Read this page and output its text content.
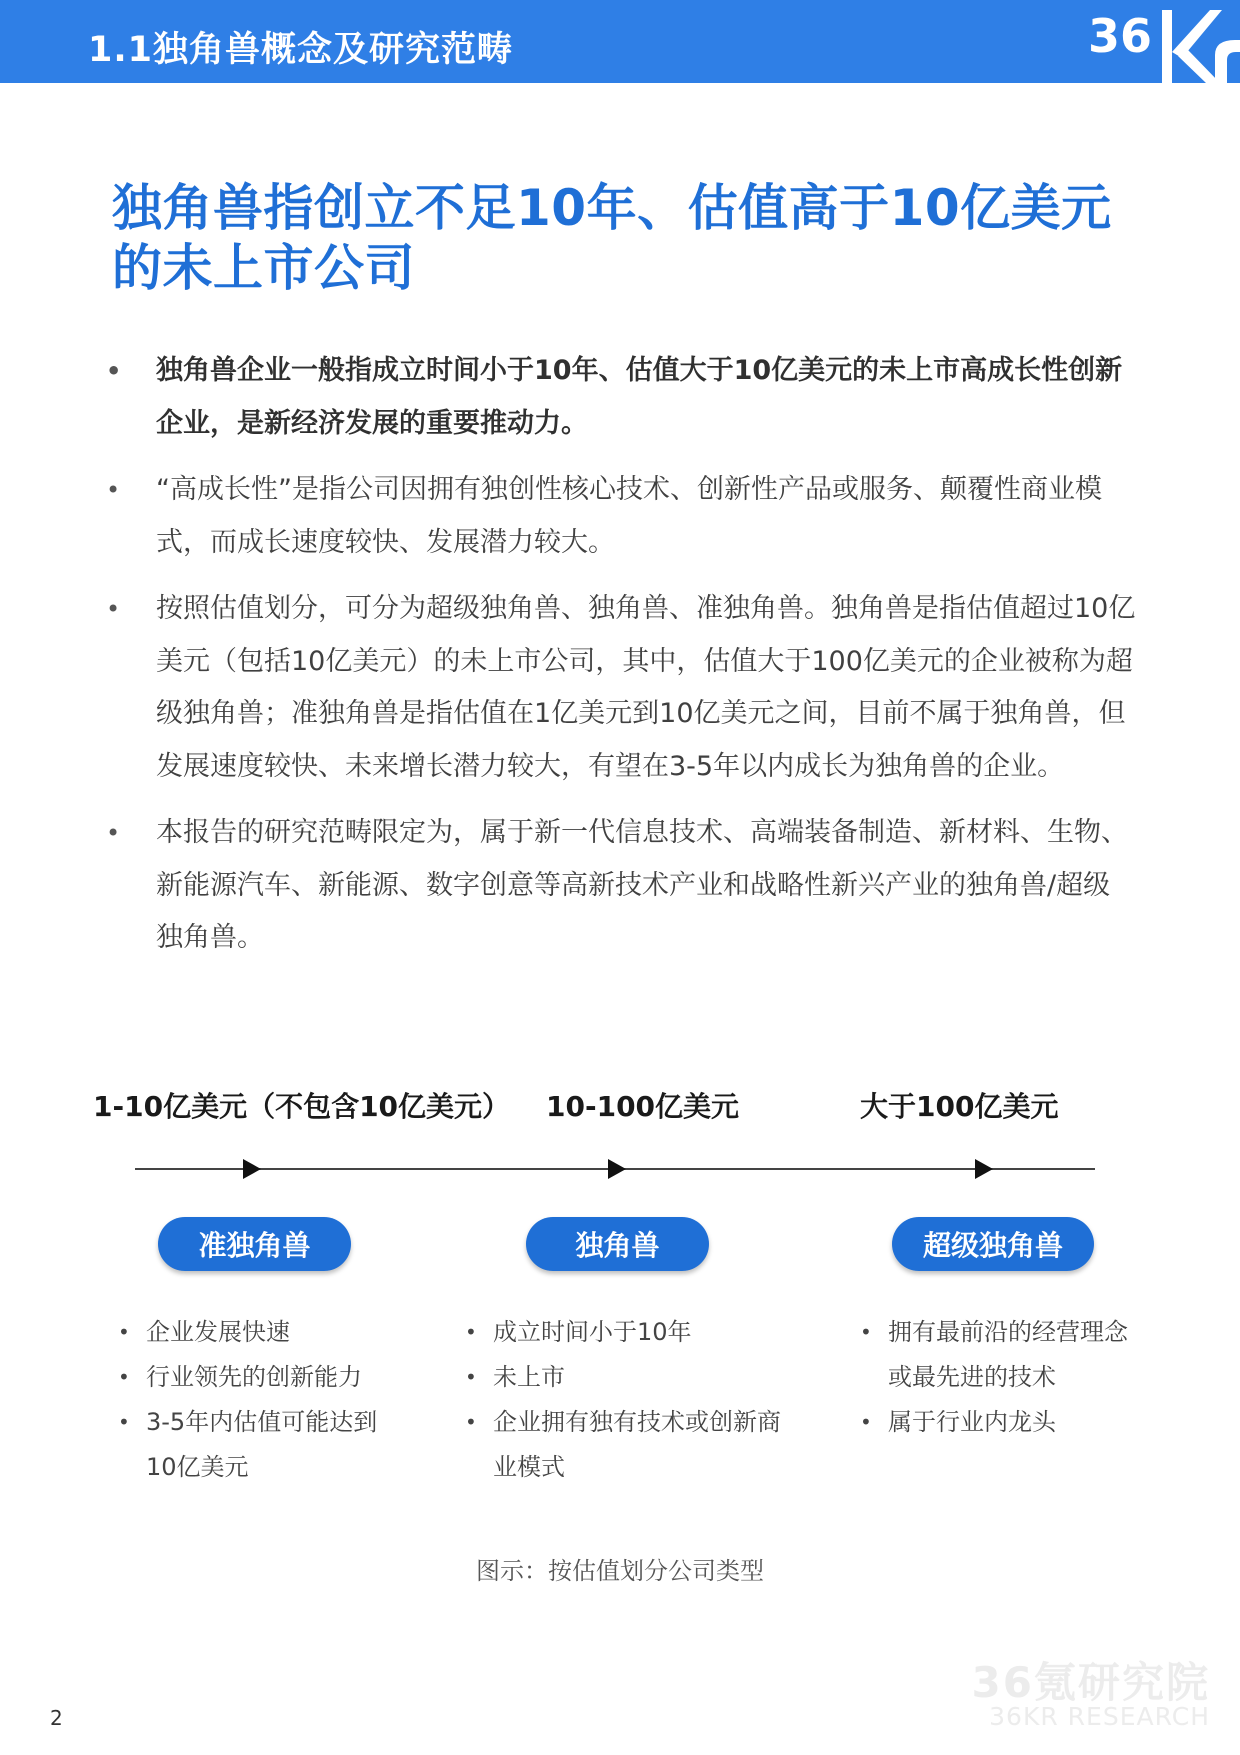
1.1独角兽概念及研究范畴	36
独角兽指创立不足10年、估值高于10亿美元的未上市公司
• 独角兽企业一般指成立时间小于10年、估值大于10亿美元的未上市高成长性创新企业，是新经济发展的重要推动力。
• “高成长性”是指公司因拥有独创性核心技术、创新性产品或服务、颠覆性商业模式，而成长速度较快、发展潜力较大。
• 按照估值划分，可分为超级独角兽、独角兽、准独角兽。独角兽是指估值超过10亿美元（包括10亿美元）的未上市公司，其中，估值大于100亿美元的企业被称为超级独角兽；准独角兽是指估值在1亿美元到10亿美元之间，目前不属于独角兽，但发展速度较快、未来增长潜力较大，有望在3-5年以内成长为独角兽的企业。
• 本报告的研究范畴限定为，属于新一代信息技术、高端装备制造、新材料、生物、新能源汽车、新能源、数字创意等高新技术产业和战略性新兴产业的独角兽/超级独角兽。
1-10亿美元（不包含10亿美元） 10-100亿美元	大于100亿美元
准独角兽	独角兽	超级独角兽
• 企业发展快速
• 行业领先的创新能力
• 3-5年内估值可能达到10亿美元
• 成立时间小于10年
• 未上市
• 企业拥有独有技术或创新商业模式
• 拥有最前沿的经营理念或最先进的技术
• 属于行业内龙头
图示：按估值划分公司类型
2
36氪研究院
36KR RESEARCH
